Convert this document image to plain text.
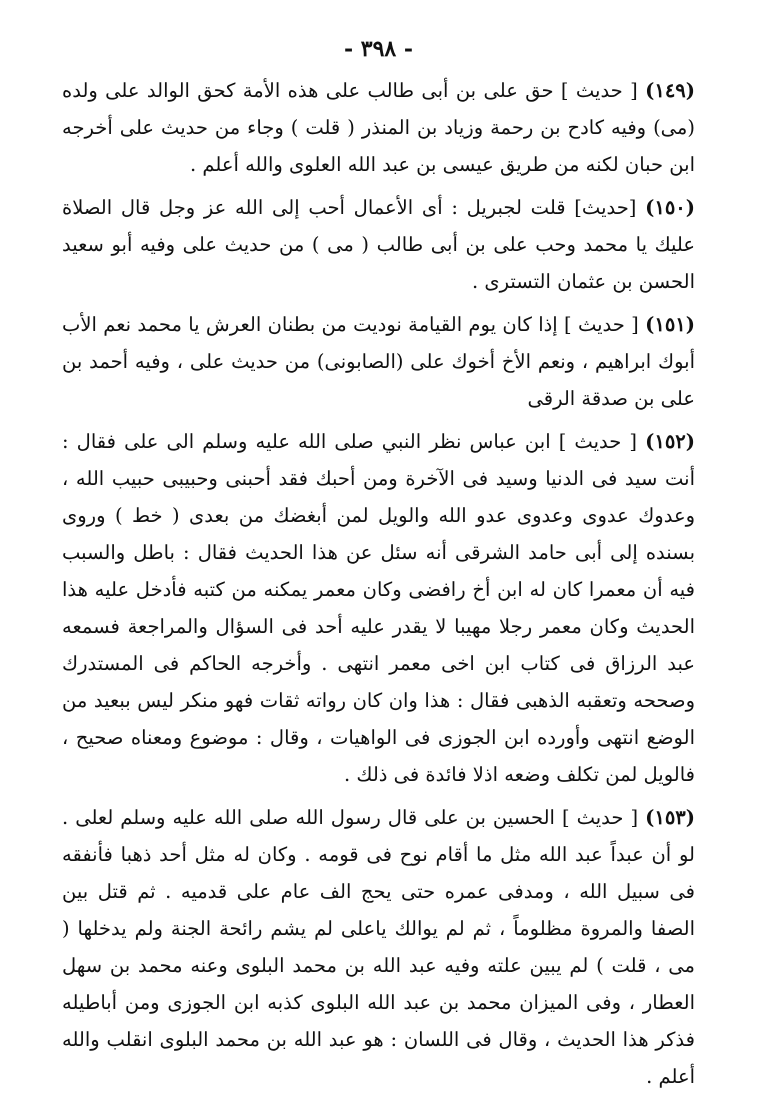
- ٣٩٨ -

(١٤٩) [ حديث ] حق على بن أبى طالب على هذه الأمة كحق الوالد على ولده (مى) وفيه كادح بن رحمة وزياد بن المنذر ( قلت ) وجاء من حديث على أخرجه ابن حبان لكنه من طريق عيسى بن عبد الله العلوى والله أعلم .

(١٥٠) [حديث] قلت لجبريل : أى الأعمال أحب إلى الله عز وجل قال الصلاة عليك يا محمد وحب على بن أبى طالب ( مى ) من حديث على وفيه أبو سعيد الحسن بن عثمان التسترى .

(١٥١) [ حديث ] إذا كان يوم القيامة نوديت من بطنان العرش يا محمد نعم الأب أبوك ابراهيم ، ونعم الأخ أخوك على (الصابونى) من حديث على ، وفيه أحمد بن على بن صدقة الرقى

(١٥٢) [ حديث ] ابن عباس نظر النبي صلى الله عليه وسلم الى على فقال : أنت سيد فى الدنيا وسيد فى الآخرة ومن أحبك فقد أحبنى وحبيبى حبيب الله ، وعدوك عدوى وعدوى عدو الله والويل لمن أبغضك من بعدى ( خط ) وروى بسنده إلى أبى حامد الشرقى أنه سئل عن هذا الحديث فقال : باطل والسبب فيه أن معمرا كان له ابن أخ رافضى وكان معمر يمكنه من كتبه فأدخل عليه هذا الحديث وكان معمر رجلا مهيبا لا يقدر عليه أحد فى السؤال والمراجعة فسمعه عبد الرزاق فى كتاب ابن اخى معمر انتهى . وأخرجه الحاكم فى المستدرك وصححه وتعقبه الذهبى فقال : هذا وان كان رواته ثقات فهو منكر ليس ببعيد من الوضع انتهى وأورده ابن الجوزى فى الواهيات ، وقال : موضوع ومعناه صحيح ، فالويل لمن تكلف وضعه اذلا فائدة فى ذلك .

(١٥٣) [ حديث ] الحسين بن على قال رسول الله صلى الله عليه وسلم لعلى . لو أن عبداً عبد الله مثل ما أقام نوح فى قومه . وكان له مثل أحد ذهبا فأنفقه فى سبيل الله ، ومدفى عمره حتى يحج الف عام على قدميه . ثم قتل بين الصفا والمروة مظلوماً ، ثم لم يوالك ياعلى لم يشم رائحة الجنة ولم يدخلها ( مى ، قلت ) لم يبين علته وفيه عبد الله بن محمد البلوى وعنه محمد بن سهل العطار ، وفى الميزان محمد بن عبد الله البلوى كذبه ابن الجوزى ومن أباطيله فذكر هذا الحديث ، وقال فى اللسان : هو عبد الله بن محمد البلوى انقلب والله أعلم .
